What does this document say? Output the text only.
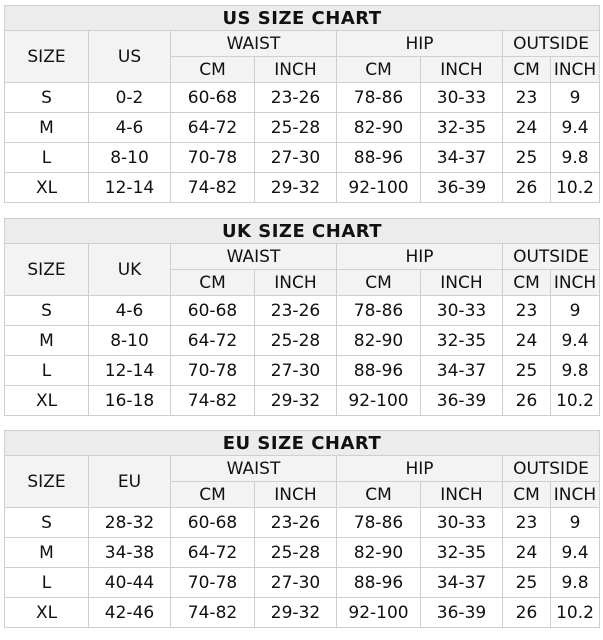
US SIZE CHART							
SIZE	US	WAIST		HIP		OUTSIDE	
		CM	INCH	CM	INCH	CM	INCH
S	0-2	60-68	23-26	78-86	30-33	23	9
M	4-6	64-72	25-28	82-90	32-35	24	9.4
L	8-10	70-78	27-30	88-96	34-37	25	9.8
XL	12-14	74-82	29-32	92-100	36-39	26	10.2
UK SIZE CHART							
SIZE	UK	WAIST		HIP		OUTSIDE	
		CM	INCH	CM	INCH	CM	INCH
S	4-6	60-68	23-26	78-86	30-33	23	9
M	8-10	64-72	25-28	82-90	32-35	24	9.4
L	12-14	70-78	27-30	88-96	34-37	25	9.8
XL	16-18	74-82	29-32	92-100	36-39	26	10.2
EU SIZE CHART							
SIZE	EU	WAIST		HIP		OUTSIDE	
		CM	INCH	CM	INCH	CM	INCH
S	28-32	60-68	23-26	78-86	30-33	23	9
M	34-38	64-72	25-28	82-90	32-35	24	9.4
L	40-44	70-78	27-30	88-96	34-37	25	9.8
XL	42-46	74-82	29-32	92-100	36-39	26	10.2
